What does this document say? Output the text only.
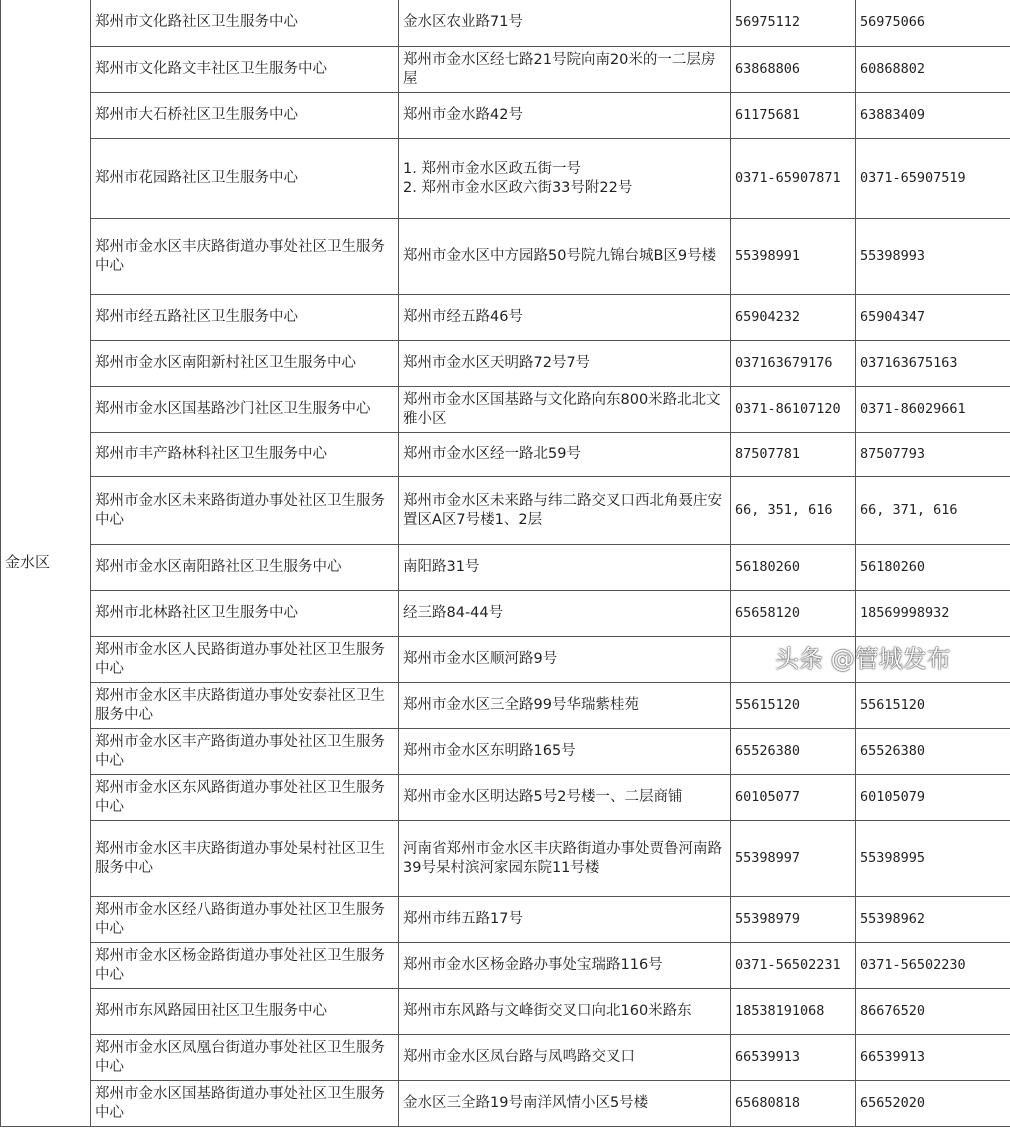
金水区	郑州市文化路社区卫生服务中心	金水区农业路71号	56975112	56975066
	郑州市文化路文丰社区卫生服务中心	郑州市金水区经七路21号院向南20米的一二层房屋	63868806	60868802
	郑州市大石桥社区卫生服务中心	郑州市金水路42号	61175681	63883409
	郑州市花园路社区卫生服务中心	1. 郑州市金水区政五街一号
2. 郑州市金水区政六街33号附22号	0371-65907871	0371-65907519
	郑州市金水区丰庆路街道办事处社区卫生服务中心	郑州市金水区中方园路50号院九锦台城B区9号楼	55398991	55398993
	郑州市经五路社区卫生服务中心	郑州市经五路46号	65904232	65904347
	郑州市金水区南阳新村社区卫生服务中心	郑州市金水区天明路72号7号	037163679176	037163675163
	郑州市金水区国基路沙门社区卫生服务中心	郑州市金水区国基路与文化路向东800米路北北文雅小区	0371-86107120	0371-86029661
	郑州市丰产路林科社区卫生服务中心	郑州市金水区经一路北59号	87507781	87507793
	郑州市金水区未来路街道办事处社区卫生服务中心	郑州市金水区未来路与纬二路交叉口西北角聂庄安置区A区7号楼1、2层	66, 351, 616	66, 371, 616
	郑州市金水区南阳路社区卫生服务中心	南阳路31号	56180260	56180260
	郑州市北林路社区卫生服务中心	经三路84-44号	65658120	18569998932
	郑州市金水区人民路街道办事处社区卫生服务中心	郑州市金水区顺河路9号		
	郑州市金水区丰庆路街道办事处安泰社区卫生服务中心	郑州市金水区三全路99号华瑞紫桂苑	55615120	55615120
	郑州市金水区丰产路街道办事处社区卫生服务中心	郑州市金水区东明路165号	65526380	65526380
	郑州市金水区东风路街道办事处社区卫生服务中心	郑州市金水区明达路5号2号楼一、二层商铺	60105077	60105079
	郑州市金水区丰庆路街道办事处杲村社区卫生服务中心	河南省郑州市金水区丰庆路街道办事处贾鲁河南路39号杲村滨河家园东院11号楼	55398997	55398995
	郑州市金水区经八路街道办事处社区卫生服务中心	郑州市纬五路17号	55398979	55398962
	郑州市金水区杨金路街道办事处社区卫生服务中心	郑州市金水区杨金路办事处宝瑞路116号	0371-56502231	0371-56502230
	郑州市东风路园田社区卫生服务中心	郑州市东风路与文峰街交叉口向北160米路东	18538191068	86676520
	郑州市金水区凤凰台街道办事处社区卫生服务中心	郑州市金水区凤台路与凤鸣路交叉口	66539913	66539913
	郑州市金水区国基路街道办事处社区卫生服务中心	金水区三全路19号南洋风情小区5号楼	65680818	65652020
头条 @管城发布
